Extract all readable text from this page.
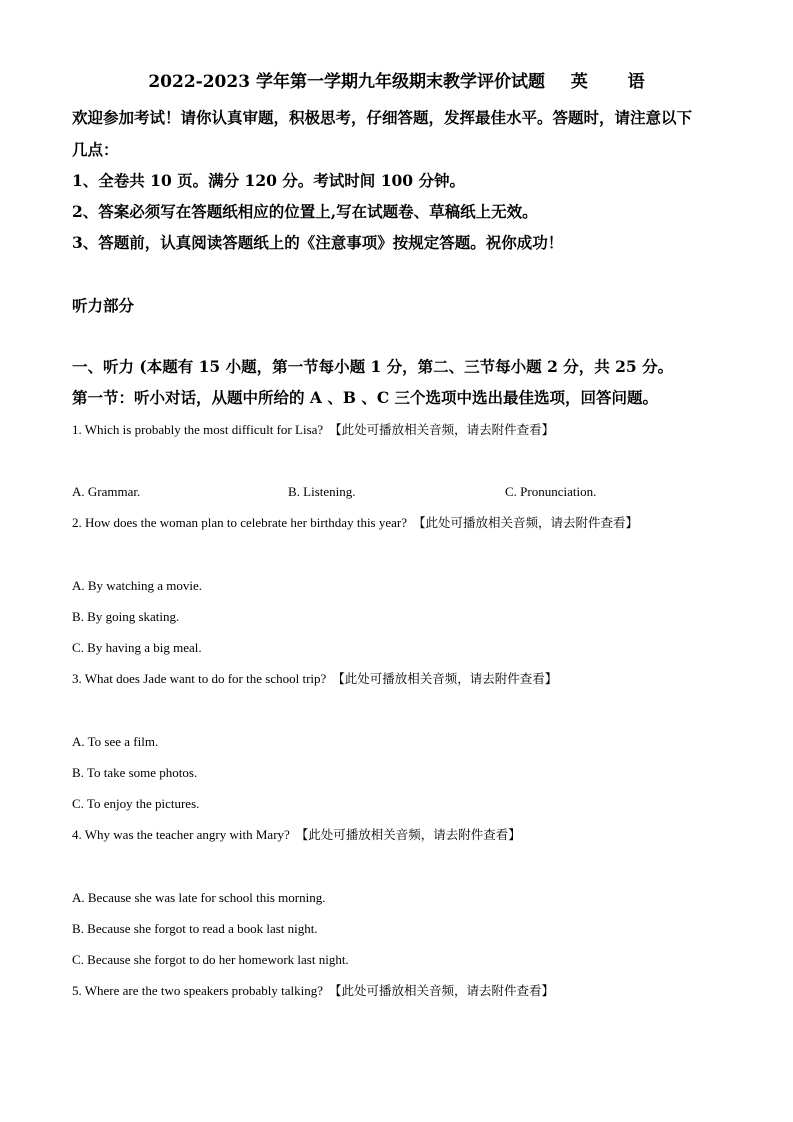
2022-2023 学年第一学期九年级期末教学评价试题 英 语
欢迎参加考试！请你认真审题，积极思考，仔细答题，发挥最佳水平。答题时，请注意以下
几点：
1、全卷共 10 页。满分 120 分。考试时间 100 分钟。
2、答案必须写在答题纸相应的位置上,写在试题卷、草稿纸上无效。
3、答题前，认真阅读答题纸上的《注意事项》按规定答题。祝你成功！
听力部分
一、听力 (本题有 15 小题，第一节每小题 1 分，第二、三节每小题 2 分，共 25 分。
第一节：听小对话，从题中所给的 A 、B 、C 三个选项中选出最佳选项，回答问题。
1. Which is probably the most difficult for Lisa? 【此处可播放相关音频，请去附件查看】
A. Grammar.	B. Listening.	C. Pronunciation.
2. How does the woman plan to celebrate her birthday this year? 【此处可播放相关音频，请去附件查看】
A. By watching a movie.
B. By going skating.
C. By having a big meal.
3. What does Jade want to do for the school trip? 【此处可播放相关音频，请去附件查看】
A. To see a film.
B. To take some photos.
C. To enjoy the pictures.
4. Why was the teacher angry with Mary? 【此处可播放相关音频，请去附件查看】
A. Because she was late for school this morning.
B. Because she forgot to read a book last night.
C. Because she forgot to do her homework last night.
5. Where are the two speakers probably talking? 【此处可播放相关音频，请去附件查看】
